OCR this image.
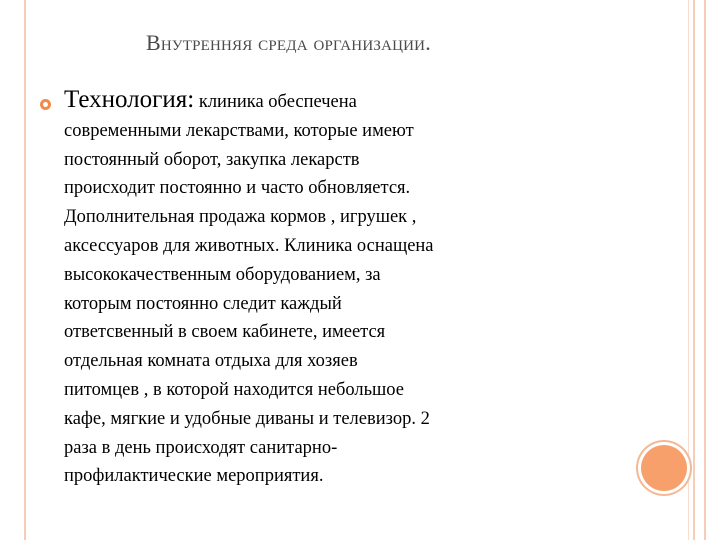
Внутренняя среда организации.
Технология: клиника обеспечена
современными лекарствами, которые имеют
постоянный оборот, закупка лекарств
происходит постоянно и часто обновляется.
Дополнительная продажа кормов , игрушек ,
аксессуаров для животных. Клиника оснащена
высококачественным оборудованием, за
которым постоянно следит каждый
ответсвенный в своем кабинете, имеется
отдельная комната отдыха для хозяев
питомцев , в которой находится небольшое
кафе, мягкие и удобные диваны и телевизор. 2
раза в день происходят санитарно-
профилактические мероприятия.
